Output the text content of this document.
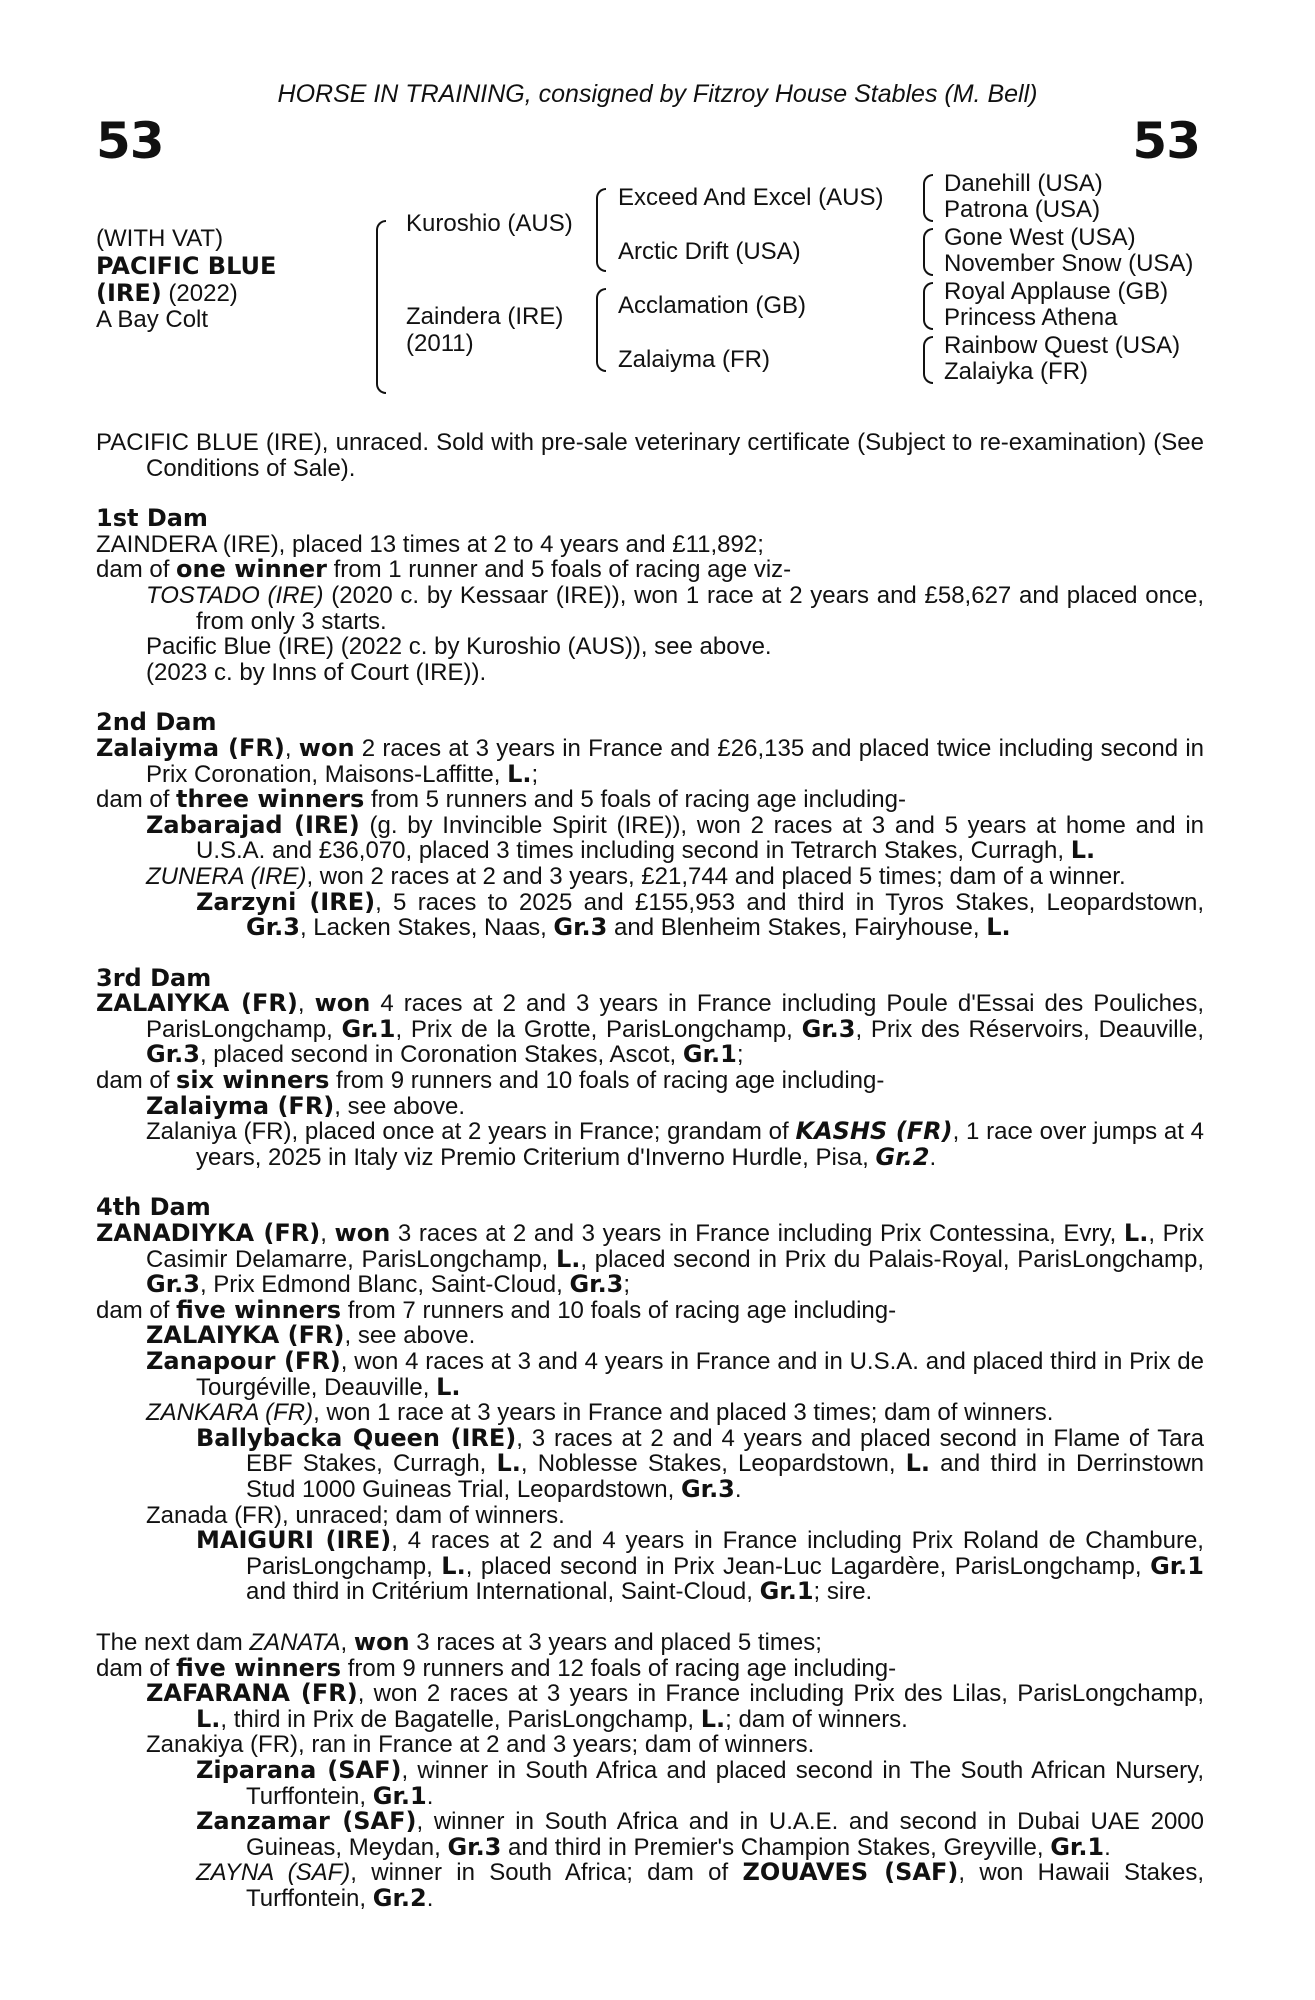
HORSE IN TRAINING, consigned by Fitzroy House Stables (M. Bell)
53	53
(WITH VAT)
PACIFIC BLUE
(IRE) (2022)
A Bay Colt
Kuroshio (AUS)
Zaindera (IRE)
(2011)
Exceed And Excel (AUS)
Arctic Drift (USA)
Acclamation (GB)
Zalaiyma (FR)
Danehill (USA)
Patrona (USA)
Gone West (USA)
November Snow (USA)
Royal Applause (GB)
Princess Athena
Rainbow Quest (USA)
Zalaiyka (FR)

PACIFIC BLUE (IRE), unraced. Sold with pre-sale veterinary certificate (Subject to re-examination) (See Conditions of Sale).

1st Dam

ZAINDERA (IRE), placed 13 times at 2 to 4 years and £11,892;

dam of one winner from 1 runner and 5 foals of racing age viz-

TOSTADO (IRE) (2020 c. by Kessaar (IRE)), won 1 race at 2 years and £58,627 and placed once, from only 3 starts.

Pacific Blue (IRE) (2022 c. by Kuroshio (AUS)), see above.

(2023 c. by Inns of Court (IRE)).

2nd Dam

Zalaiyma (FR), won 2 races at 3 years in France and £26,135 and placed twice including second in Prix Coronation, Maisons-Laffitte, L.;

dam of three winners from 5 runners and 5 foals of racing age including-

Zabarajad (IRE) (g. by Invincible Spirit (IRE)), won 2 races at 3 and 5 years at home and in U.S.A. and £36,070, placed 3 times including second in Tetrarch Stakes, Curragh, L.

ZUNERA (IRE), won 2 races at 2 and 3 years, £21,744 and placed 5 times; dam of a winner.

Zarzyni (IRE), 5 races to 2025 and £155,953 and third in Tyros Stakes, Leopardstown, Gr.3, Lacken Stakes, Naas, Gr.3 and Blenheim Stakes, Fairyhouse, L.

3rd Dam

ZALAIYKA (FR), won 4 races at 2 and 3 years in France including Poule d'Essai des Pouliches, ParisLongchamp, Gr.1, Prix de la Grotte, ParisLongchamp, Gr.3, Prix des Réservoirs, Deauville, Gr.3, placed second in Coronation Stakes, Ascot, Gr.1;

dam of six winners from 9 runners and 10 foals of racing age including-

Zalaiyma (FR), see above.

Zalaniya (FR), placed once at 2 years in France; grandam of KASHS (FR), 1 race over jumps at 4 years, 2025 in Italy viz Premio Criterium d'Inverno Hurdle, Pisa, Gr.2.

4th Dam

ZANADIYKA (FR), won 3 races at 2 and 3 years in France including Prix Contessina, Evry, L., Prix Casimir Delamarre, ParisLongchamp, L., placed second in Prix du Palais-Royal, ParisLongchamp, Gr.3, Prix Edmond Blanc, Saint-Cloud, Gr.3;

dam of five winners from 7 runners and 10 foals of racing age including-

ZALAIYKA (FR), see above.

Zanapour (FR), won 4 races at 3 and 4 years in France and in U.S.A. and placed third in Prix de Tourgéville, Deauville, L.

ZANKARA (FR), won 1 race at 3 years in France and placed 3 times; dam of winners.

Ballybacka Queen (IRE), 3 races at 2 and 4 years and placed second in Flame of Tara EBF Stakes, Curragh, L., Noblesse Stakes, Leopardstown, L. and third in Derrinstown Stud 1000 Guineas Trial, Leopardstown, Gr.3.

Zanada (FR), unraced; dam of winners.

MAIGURI (IRE), 4 races at 2 and 4 years in France including Prix Roland de Chambure, ParisLongchamp, L., placed second in Prix Jean-Luc Lagardère, ParisLongchamp, Gr.1 and third in Critérium International, Saint-Cloud, Gr.1; sire.

The next dam ZANATA, won 3 races at 3 years and placed 5 times;

dam of five winners from 9 runners and 12 foals of racing age including-

ZAFARANA (FR), won 2 races at 3 years in France including Prix des Lilas, ParisLongchamp, L., third in Prix de Bagatelle, ParisLongchamp, L.; dam of winners.

Zanakiya (FR), ran in France at 2 and 3 years; dam of winners.

Ziparana (SAF), winner in South Africa and placed second in The South African Nursery, Turffontein, Gr.1.

Zanzamar (SAF), winner in South Africa and in U.A.E. and second in Dubai UAE 2000 Guineas, Meydan, Gr.3 and third in Premier's Champion Stakes, Greyville, Gr.1.

ZAYNA (SAF), winner in South Africa; dam of ZOUAVES (SAF), won Hawaii Stakes, Turffontein, Gr.2.
